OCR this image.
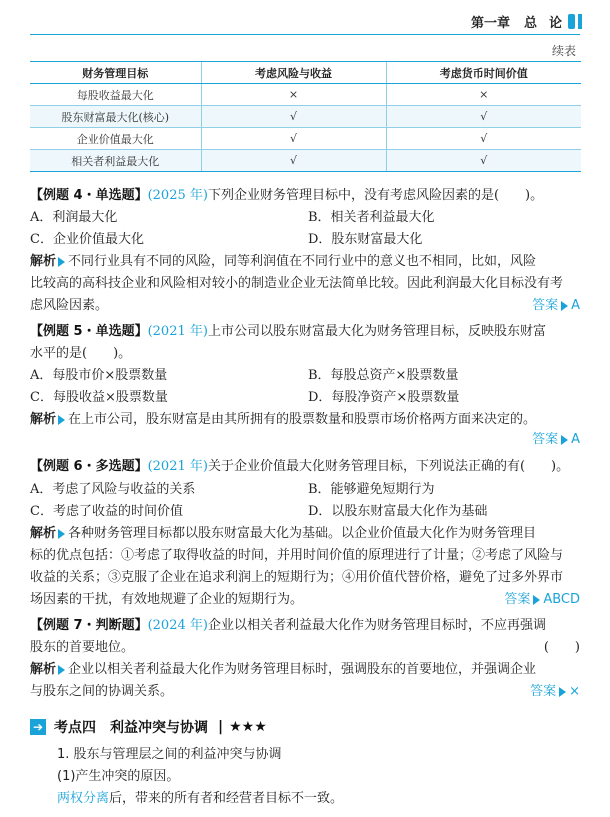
第一章 总 论
续表
财务管理目标	考虑风险与收益	考虑货币时间价值
每股收益最大化	×	×
股东财富最大化(核心)	√	√
企业价值最大化	√	√
相关者利益最大化	√	√
【例题 4・单选题】(2025 年)下列企业财务管理目标中，没有考虑风险因素的是(　　)。
A．利润最大化	B．相关者利益最大化
C．企业价值最大化	D．股东财富最大化
解析 不同行业具有不同的风险，同等利润值在不同行业中的意义也不相同，比如，风险
比较高的高科技企业和风险相对较小的制造业企业无法简单比较。因此利润最大化目标没有考
虑风险因素。	答案 A
【例题 5・单选题】(2021 年)上市公司以股东财富最大化为财务管理目标，反映股东财富
水平的是(　　)。
A．每股市价×股票数量	B．每股总资产×股票数量
C．每股收益×股票数量	D．每股净资产×股票数量
解析 在上市公司，股东财富是由其所拥有的股票数量和股票市场价格两方面来决定的。
答案 A
【例题 6・多选题】(2021 年)关于企业价值最大化财务管理目标，下列说法正确的有(　　)。
A．考虑了风险与收益的关系	B．能够避免短期行为
C．考虑了收益的时间价值	D．以股东财富最大化作为基础
解析 各种财务管理目标都以股东财富最大化为基础。以企业价值最大化作为财务管理目
标的优点包括：①考虑了取得收益的时间，并用时间价值的原理进行了计量；②考虑了风险与
收益的关系；③克服了企业在追求利润上的短期行为；④用价值代替价格，避免了过多外界市
场因素的干扰，有效地规避了企业的短期行为。	答案 ABCD
【例题 7・判断题】(2024 年)企业以相关者利益最大化作为财务管理目标时，不应再强调
股东的首要地位。	(　　)
解析 企业以相关者利益最大化作为财务管理目标时，强调股东的首要地位，并强调企业
与股东之间的协调关系。	答案 ×
➔ 考点四　利益冲突与协调 | ★★★
1. 股东与管理层之间的利益冲突与协调
(1)产生冲突的原因。
两权分离后，带来的所有者和经营者目标不一致。
